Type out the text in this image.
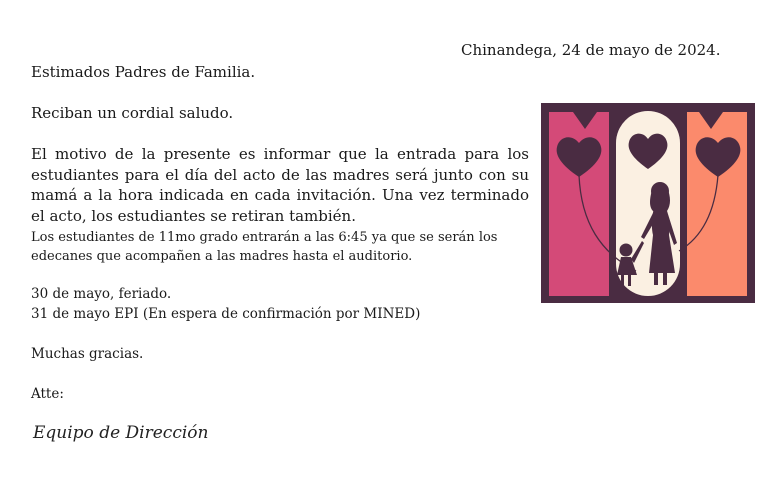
Chinandega, 24 de mayo de 2024.
Estimados Padres de Familia.
Reciban un cordial saludo.
El motivo de la presente es informar que la entrada para los estudiantes para el día del acto de las madres será junto con su mamá a la hora indicada en cada invitación. Una vez terminado el acto, los estudiantes se retiran también.
Los estudiantes de 11mo grado entrarán a las 6:45 ya que se serán los edecanes que acompañen a las madres hasta el auditorio.
30 de mayo, feriado.
31 de mayo EPI (En espera de confirmación por MINED)
Muchas gracias.
Atte:
Equipo de Dirección
